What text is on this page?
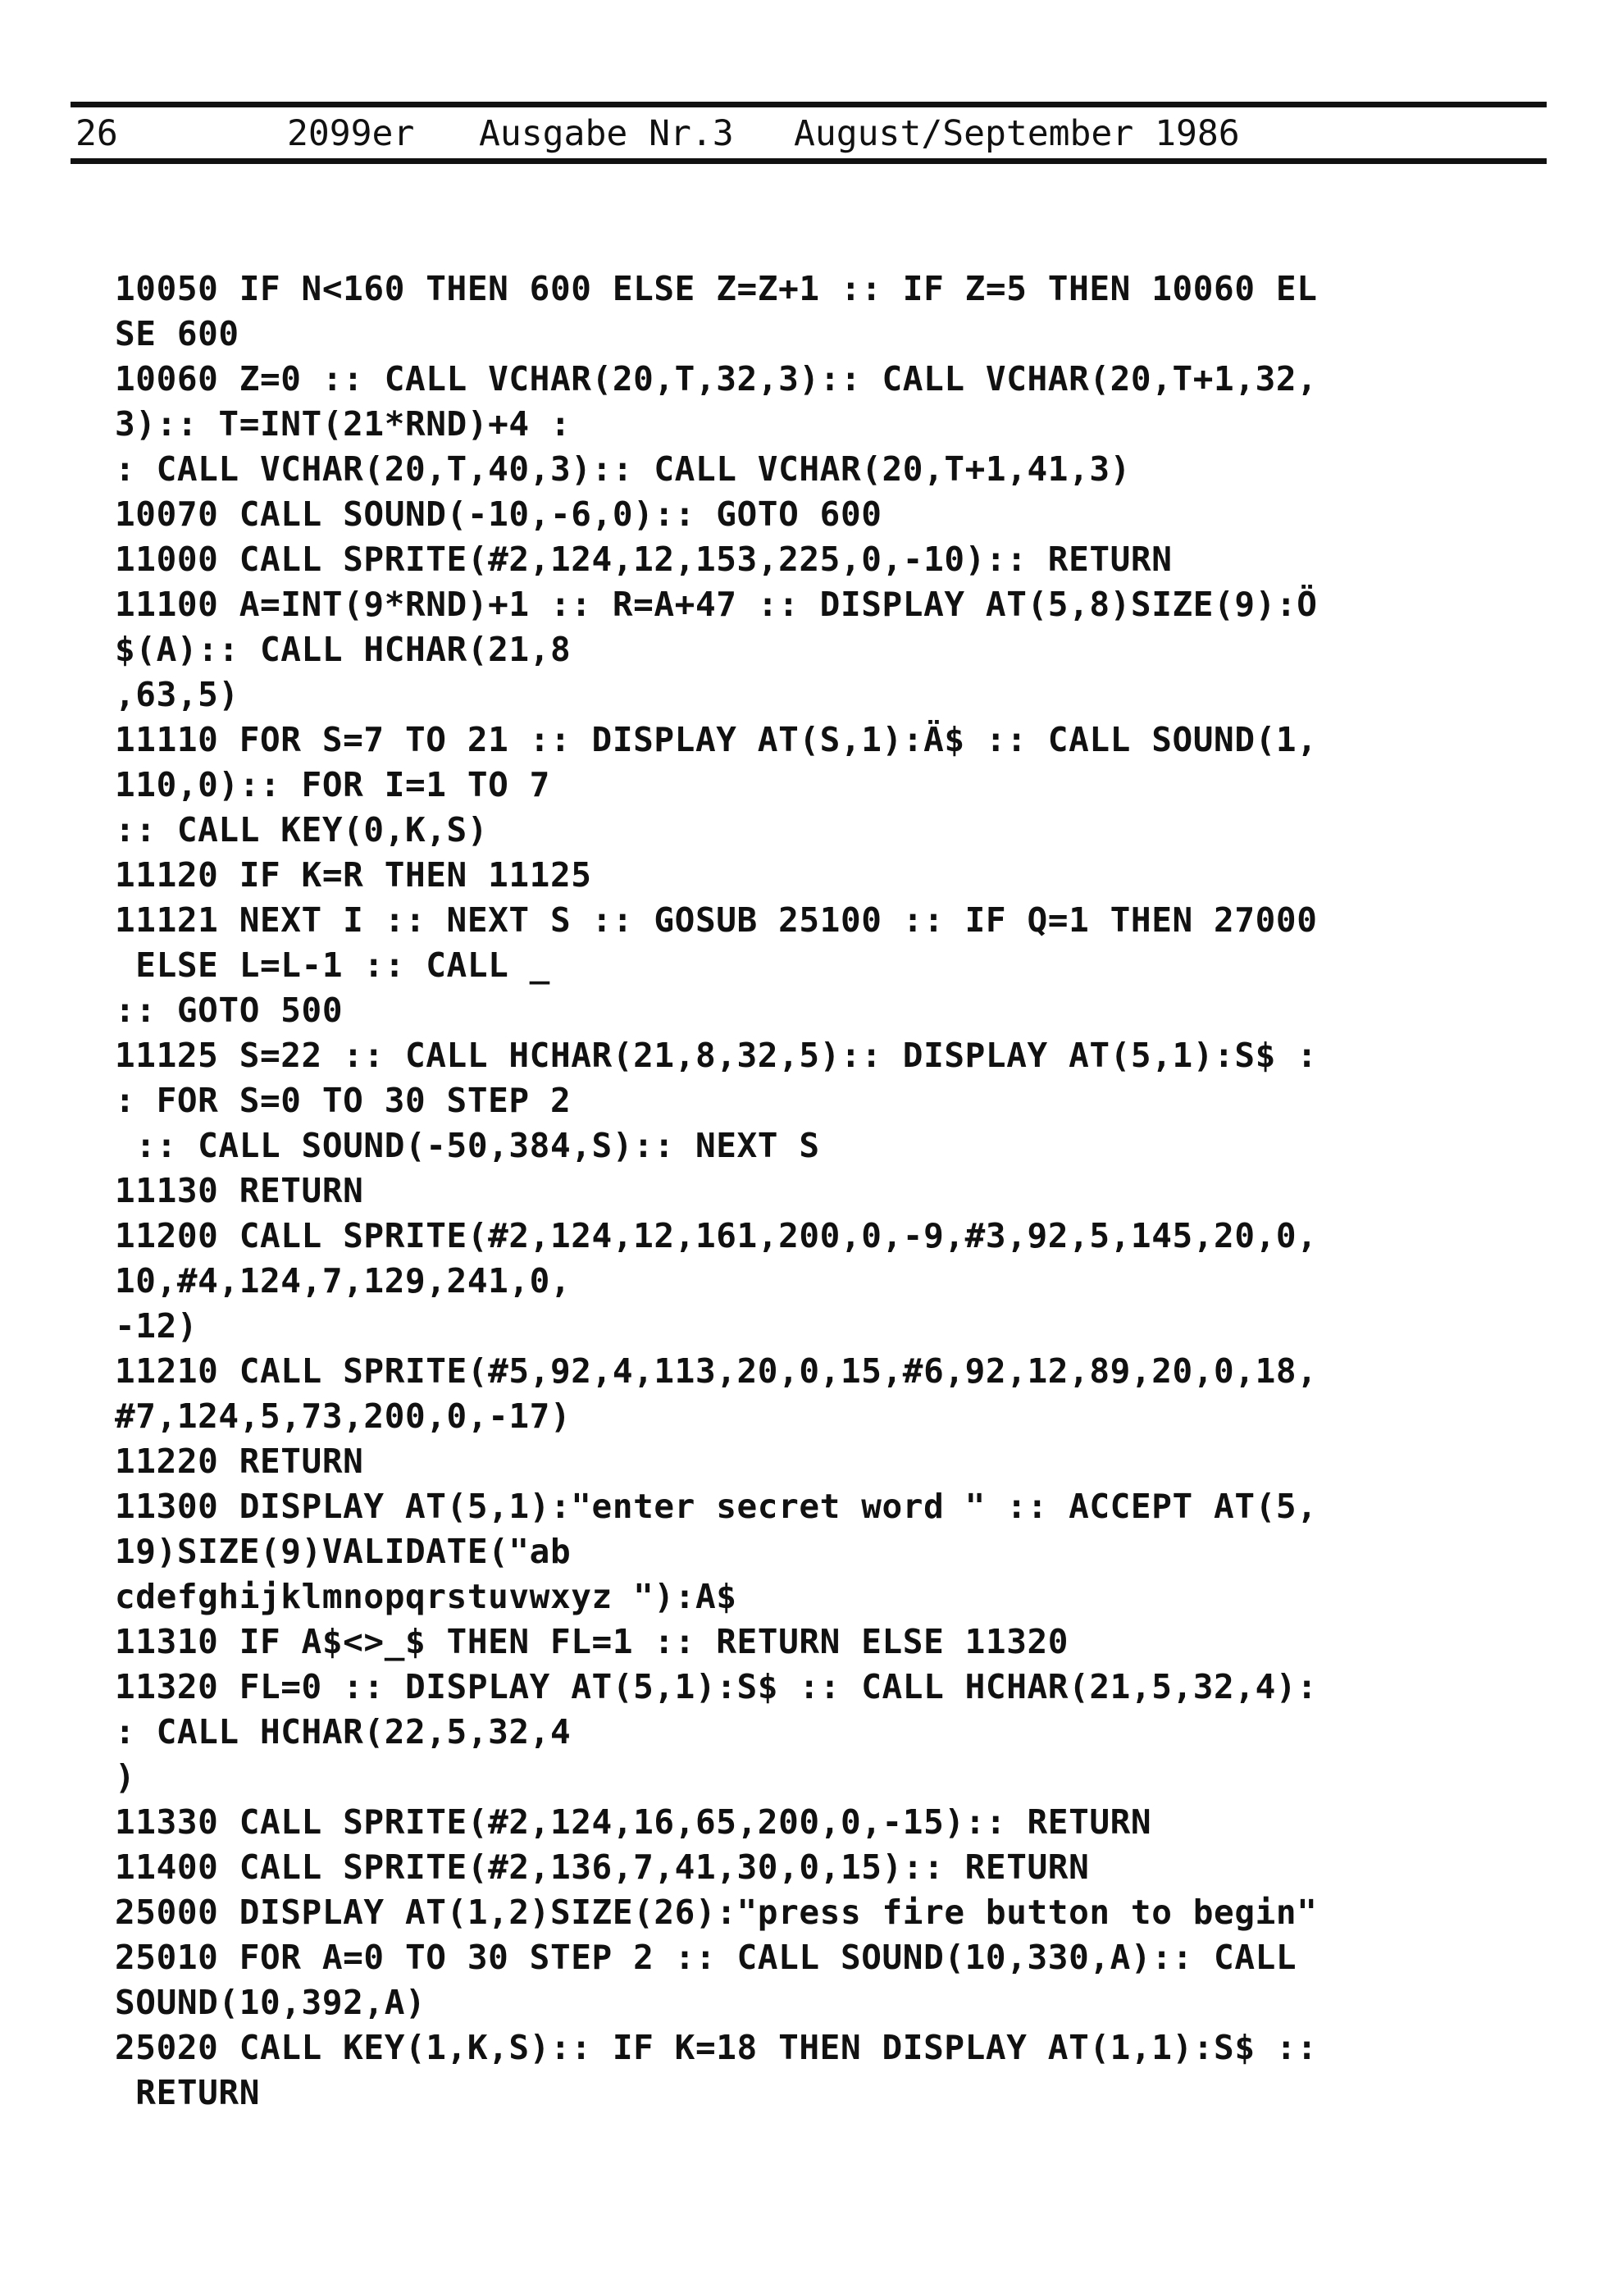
26

	2099er

Ausgabe Nr.3

August/September 1986

10050 IF N<160 THEN 600 ELSE Z=Z+1 :: IF Z=5 THEN 10060 EL
SE 600
10060 Z=0 :: CALL VCHAR(20,T,32,3):: CALL VCHAR(20,T+1,32,
3):: T=INT(21*RND)+4 :
: CALL VCHAR(20,T,40,3):: CALL VCHAR(20,T+1,41,3)
10070 CALL SOUND(-10,-6,0):: GOTO 600
11000 CALL SPRITE(#2,124,12,153,225,0,-10):: RETURN
11100 A=INT(9*RND)+1 :: R=A+47 :: DISPLAY AT(5,8)SIZE(9):Ö
$(A):: CALL HCHAR(21,8
,63,5)
11110 FOR S=7 TO 21 :: DISPLAY AT(S,1):Ä$ :: CALL SOUND(1,
110,0):: FOR I=1 TO 7
:: CALL KEY(0,K,S)
11120 IF K=R THEN 11125
11121 NEXT I :: NEXT S :: GOSUB 25100 :: IF Q=1 THEN 27000
ELSE L=L-1 :: CALL _
:: GOTO 500
11125 S=22 :: CALL HCHAR(21,8,32,5):: DISPLAY AT(5,1):S$ :
: FOR S=0 TO 30 STEP 2
:: CALL SOUND(-50,384,S):: NEXT S
11130 RETURN
11200 CALL SPRITE(#2,124,12,161,200,0,-9,#3,92,5,145,20,0,
10,#4,124,7,129,241,0,
-12)
11210 CALL SPRITE(#5,92,4,113,20,0,15,#6,92,12,89,20,0,18,
#7,124,5,73,200,0,-17)
11220 RETURN
11300 DISPLAY AT(5,1):"enter secret word " :: ACCEPT AT(5,
19)SIZE(9)VALIDATE("ab
cdefghijklmnopqrstuvwxyz "):A$
11310 IF A$<>_$ THEN FL=1 :: RETURN ELSE 11320
11320 FL=0 :: DISPLAY AT(5,1):S$ :: CALL HCHAR(21,5,32,4):
: CALL HCHAR(22,5,32,4
)
11330 CALL SPRITE(#2,124,16,65,200,0,-15):: RETURN
11400 CALL SPRITE(#2,136,7,41,30,0,15):: RETURN
25000 DISPLAY AT(1,2)SIZE(26):"press fire button to begin"
25010 FOR A=0 TO 30 STEP 2 :: CALL SOUND(10,330,A):: CALL
SOUND(10,392,A)
25020 CALL KEY(1,K,S):: IF K=18 THEN DISPLAY AT(1,1):S$ ::
RETURN
